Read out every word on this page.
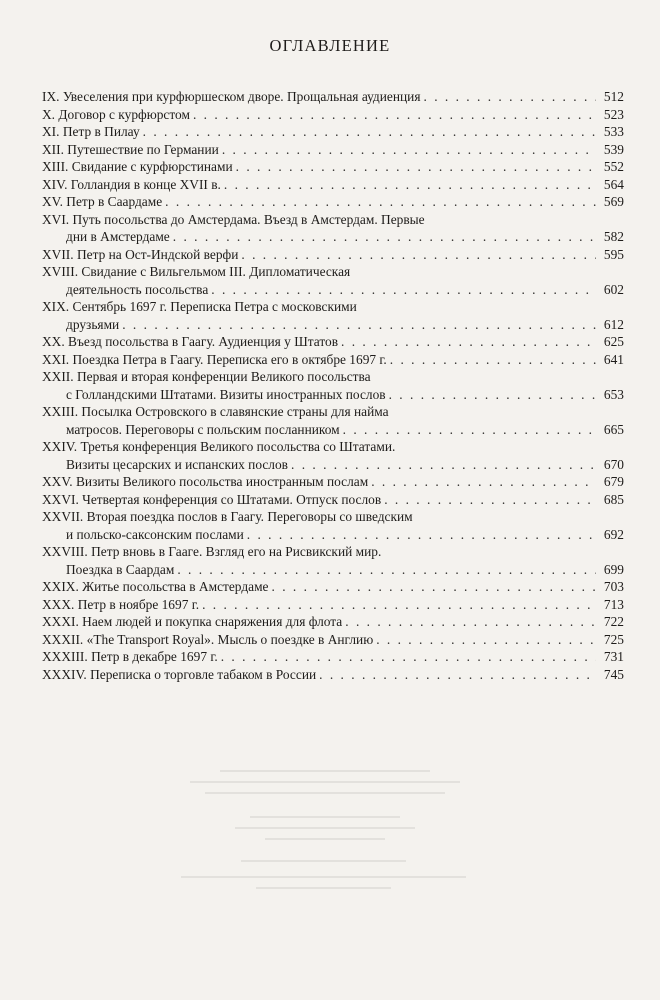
ОГЛАВЛЕНИЕ
IX. Увеселения при курфюршеском дворе. Прощальная аудиенция . . .	512
X. Договор с курфюрстом . . .	523
XI. Петр в Пилау . . .	533
XII. Путешествие по Германии . . .	539
XIII. Свидание с курфюрстинами . . .	552
XIV. Голландия в конце XVII в. . . .	564
XV. Петр в Саардаме . . .	569
XVI. Путь посольства до Амстердама. Въезд в Амстердам. Первые
дни в Амстердаме . . .	582
XVII. Петр на Ост-Индской верфи . . .	595
XVIII. Свидание с Вильгельмом III. Дипломатическая
деятельность посольства . . .	602
XIX. Сентябрь 1697 г. Переписка Петра с московскими
друзьями . . .	612
XX. Въезд посольства в Гаагу. Аудиенция у Штатов . . .	625
XXI. Поездка Петра в Гаагу. Переписка его в октябре 1697 г. . . .	641
XXII. Первая и вторая конференции Великого посольства
с Голландскими Штатами. Визиты иностранных послов . . .	653
XXIII. Посылка Островского в славянские страны для найма
матросов. Переговоры с польским посланником . . .	665
XXIV. Третья конференция Великого посольства со Штатами.
Визиты цесарских и испанских послов . . .	670
XXV. Визиты Великого посольства иностранным послам . . .	679
XXVI. Четвертая конференция со Штатами. Отпуск послов . . .	685
XXVII. Вторая поездка послов в Гаагу. Переговоры со шведским
и польско-саксонским послами . . .	692
XXVIII. Петр вновь в Гааге. Взгляд его на Рисвикский мир.
Поездка в Саардам . . .	699
XXIX. Житье посольства в Амстердаме . . .	703
XXX. Петр в ноябре 1697 г. . . .	713
XXXI. Наем людей и покупка снаряжения для флота . . .	722
XXXII. «The Transport Royal». Мысль о поездке в Англию . . .	725
XXXIII. Петр в декабре 1697 г. . . .	731
XXXIV. Переписка о торговле табаком в России . . .	745
